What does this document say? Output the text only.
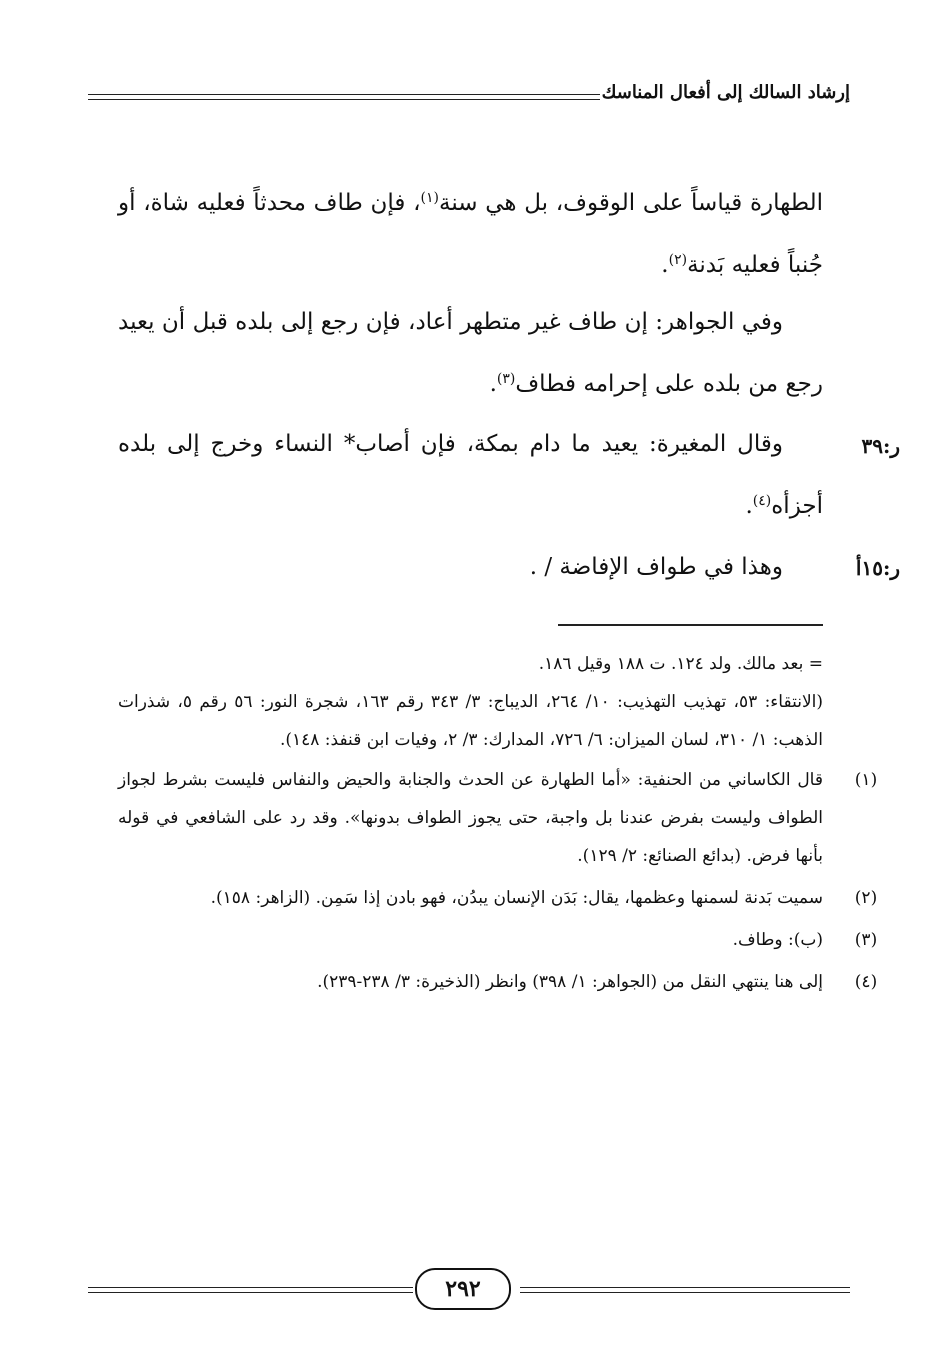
إرشاد السالك إلى أفعال المناسك

الطهارة قياساً على الوقوف، بل هي سنة$^{(١)}$، فإن طاف محدثاً فعليه شاة، أو جُنباً فعليه بَدنة$^{(٢)}$.

وفي الجواهر: إن طاف غير متطهر أعاد، فإن رجع إلى بلده قبل أن يعيد رجع من بلده على إحرامه فطاف$^{(٣)}$.

وقال المغيرة: يعيد ما دام بمكة، فإن أصاب* النساء وخرج إلى بلده أجزأه$^{(٤)}$.

ر:٣٩

وهذا في طواف الإفاضة / .	ر:١٥أ
= بعد مالك. ولد ١٢٤. ت ١٨٨ وقيل ١٨٦.
(الانتقاء: ٥٣، تهذيب التهذيب: ١٠/ ٢٦٤، الديباج: ٣/ ٣٤٣ رقم ١٦٣، شجرة النور: ٥٦ رقم ٥، شذرات الذهب: ١/ ٣١٠، لسان الميزان: ٦/ ٧٢٦، المدارك: ٣/ ٢، وفيات ابن قنفذ: ١٤٨).
(١)
قال الكاساني من الحنفية: «أما الطهارة عن الحدث والجنابة والحيض والنفاس فليست بشرط لجواز الطواف وليست بفرض عندنا بل واجبة، حتى يجوز الطواف بدونها». وقد رد على الشافعي في قوله بأنها فرض. (بدائع الصنائع: ٢/ ١٢٩).
(٢)
سميت بَدنة لسمنها وعظمها، يقال: بَدَن الإنسان يبدُن، فهو بادن إذا سَمِن. (الزاهر: ١٥٨).
(٣)
(ب): وطاف.
(٤)
إلى هنا ينتهي النقل من (الجواهر: ١/ ٣٩٨) وانظر (الذخيرة: ٣/ ٢٣٨-٢٣٩).
٢٩٢
